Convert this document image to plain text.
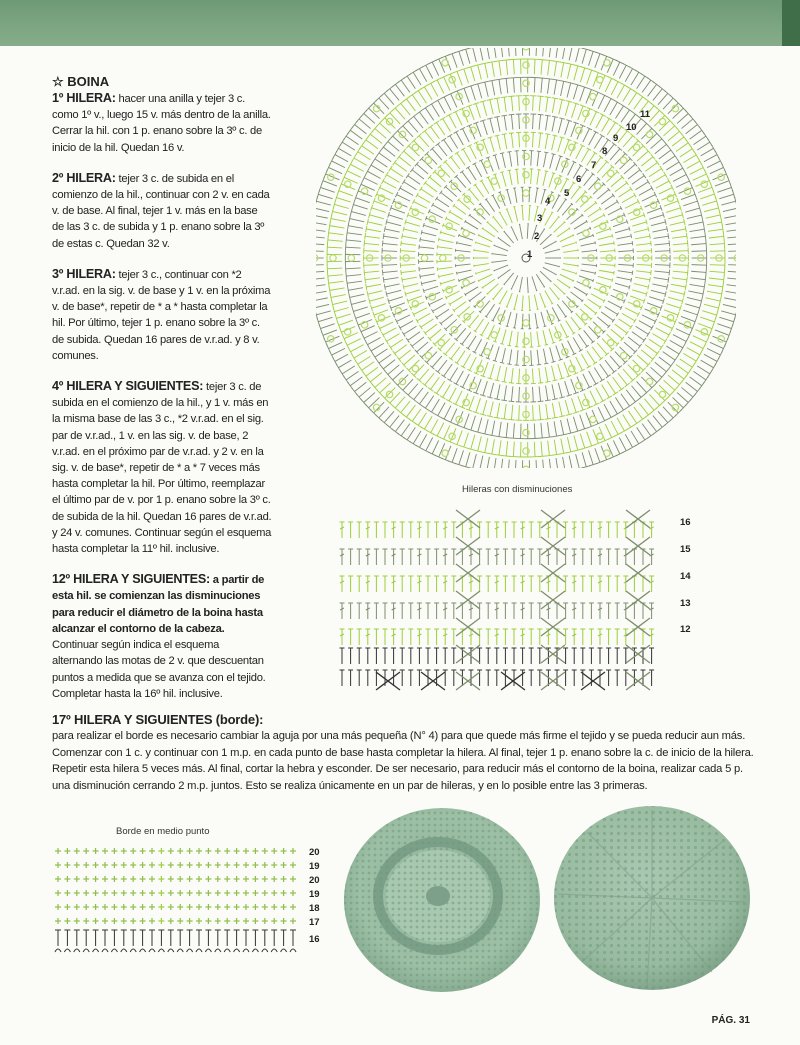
☆ BOINA

1º HILERA: hacer una anilla y tejer 3 c. como 1º v., luego 15 v. más dentro de la anilla. Cerrar la hil. con 1 p. enano sobre la 3º c. de inicio de la hil. Quedan 16 v.

2º HILERA: tejer 3 c. de subida en el comienzo de la hil., continuar con 2 v. en cada v. de base. Al final, tejer 1 v. más en la base de las 3 c. de subida y 1 p. enano sobre la 3º de estas c. Quedan 32 v.

3º HILERA: tejer 3 c., continuar con *2 v.r.ad. en la sig. v. de base y 1 v. en la próxima v. de base*, repetir de * a * hasta completar la hil. Por último, tejer 1 p. enano sobre la 3º c. de subida. Quedan 16 pares de v.r.ad. y 8 v. comunes.

4º HILERA Y SIGUIENTES: tejer 3 c. de subida en el comienzo de la hil., y 1 v. más en la misma base de las 3 c., *2 v.r.ad. en el sig. par de v.r.ad., 1 v. en las sig. v. de base, 2 v.r.ad. en el próximo par de v.r.ad. y 2 v. en la sig. v. de base*, repetir de * a * 7 veces más hasta completar la hil. Por último, reemplazar el último par de v. por 1 p. enano sobre la 3º c. de subida de la hil. Quedan 16 pares de v.r.ad. y 24 v. comunes. Continuar según el esquema hasta completar la 11º hil. inclusive.

12º HILERA Y SIGUIENTES: a partir de esta hil. se comienzan las disminuciones para reducir el diámetro de la boina hasta alcanzar el contorno de la cabeza.
Continuar según indica el esquema alternando las motas de 2 v. que descuentan puntos a medida que se avanza con el tejido. Completar hasta la 16º hil. inclusive.

1
2
3
4
5
6
7
8
9
10
11
Hileras con disminuciones
16
15
14
13
12
17º HILERA Y SIGUIENTES (borde):
para realizar el borde es necesario cambiar la aguja por una más pequeña (N° 4) para que quede más firme el tejido y se pueda reducir aun más. Comenzar con 1 c. y continuar con 1 m.p. en cada punto de base hasta completar la hilera. Al final, tejer 1 p. enano sobre la c. de inicio de la hilera. Repetir esta hilera 5 veces más. Al final, cortar la hebra y esconder. De ser necesario, para reducir más el contorno de la boina, realizar cada 5 p. una disminución cerrando 2 m.p. juntos. Esto se realiza únicamente en un par de hileras, y en lo posible entre las 3 primeras.
Borde en medio punto
20
19
20
19
18
17
16
PÁG. 31
